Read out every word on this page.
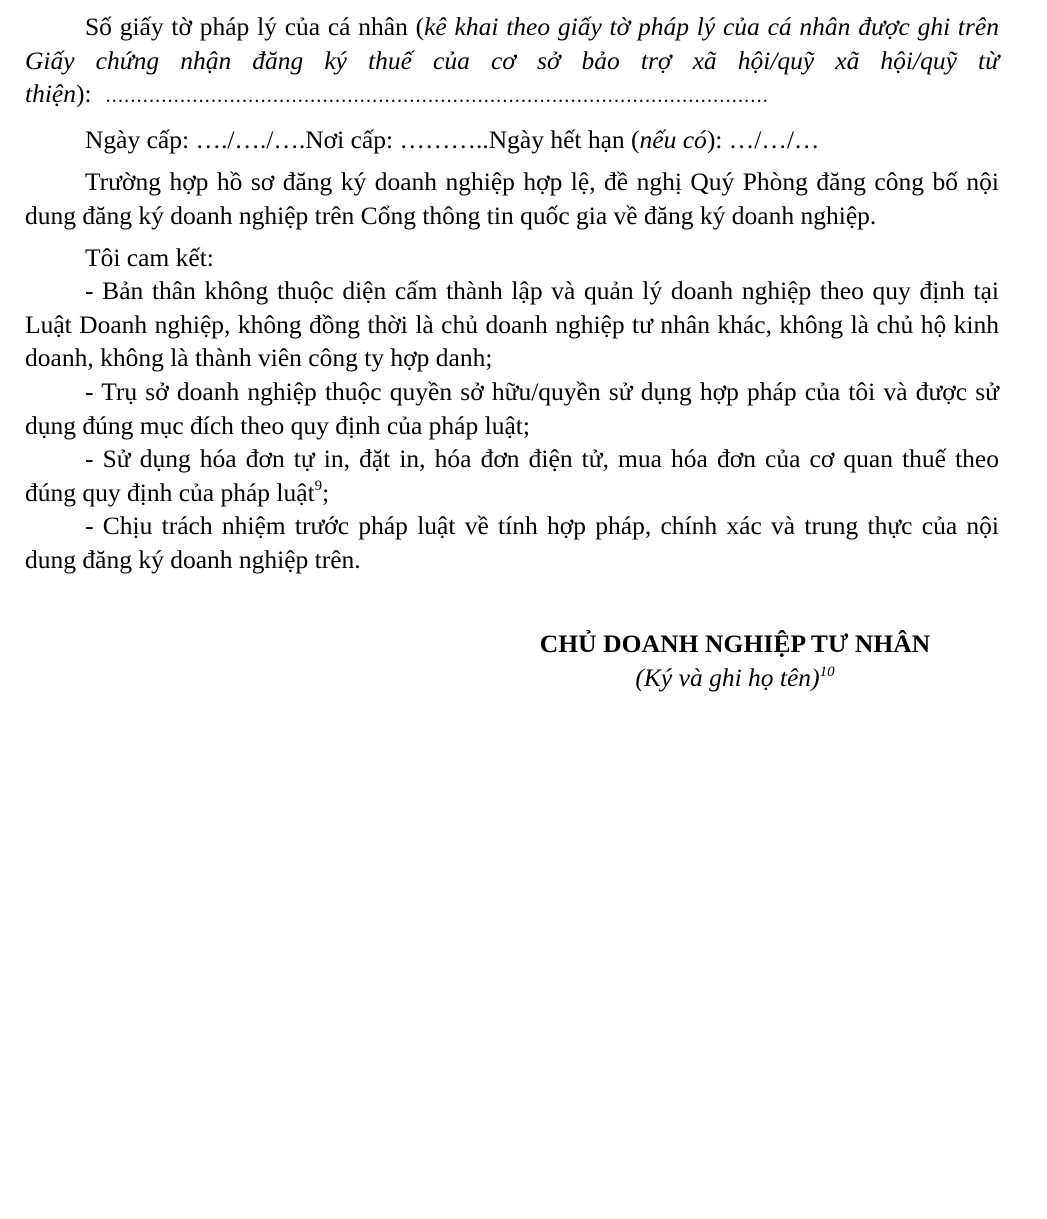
Số giấy tờ pháp lý của cá nhân (kê khai theo giấy tờ pháp lý của cá nhân được ghi trên Giấy chứng nhận đăng ký thuế của cơ sở bảo trợ xã hội/quỹ xã hội/quỹ từ thiện): ...........................................................................................................

Ngày cấp: …./…./….Nơi cấp: ………..Ngày hết hạn (nếu có): …/…/…

Trường hợp hồ sơ đăng ký doanh nghiệp hợp lệ, đề nghị Quý Phòng đăng công bố nội dung đăng ký doanh nghiệp trên Cổng thông tin quốc gia về đăng ký doanh nghiệp.

Tôi cam kết:

- Bản thân không thuộc diện cấm thành lập và quản lý doanh nghiệp theo quy định tại Luật Doanh nghiệp, không đồng thời là chủ doanh nghiệp tư nhân khác, không là chủ hộ kinh doanh, không là thành viên công ty hợp danh;

- Trụ sở doanh nghiệp thuộc quyền sở hữu/quyền sử dụng hợp pháp của tôi và được sử dụng đúng mục đích theo quy định của pháp luật;

- Sử dụng hóa đơn tự in, đặt in, hóa đơn điện tử, mua hóa đơn của cơ quan thuế theo đúng quy định của pháp luật$^9$;

- Chịu trách nhiệm trước pháp luật về tính hợp pháp, chính xác và trung thực của nội dung đăng ký doanh nghiệp trên.

CHỦ DOANH NGHIỆP TƯ NHÂN
(Ký và ghi họ tên)$^{10}$
